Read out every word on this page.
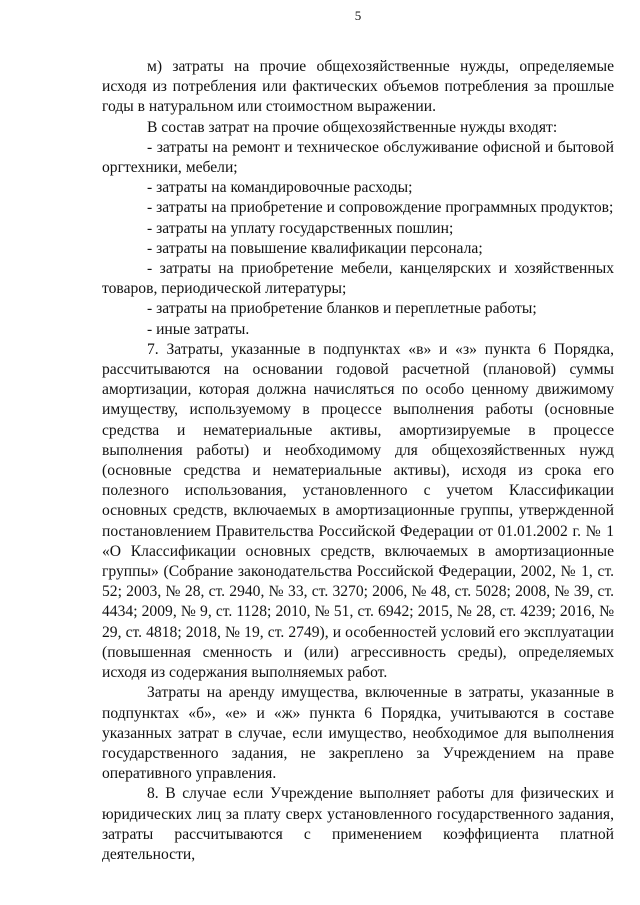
5

м) затраты на прочие общехозяйственные нужды, определяемые исходя из потребления или фактических объемов потребления за прошлые годы в натуральном или стоимостном выражении.

В состав затрат на прочие общехозяйственные нужды входят:

- затраты на ремонт и техническое обслуживание офисной и бытовой оргтехники, мебели;

- затраты на командировочные расходы;

- затраты на приобретение и сопровождение программных продуктов;

- затраты на уплату государственных пошлин;

- затраты на повышение квалификации персонала;

- затраты на приобретение мебели, канцелярских и хозяйственных товаров, периодической литературы;

- затраты на приобретение бланков и переплетные работы;

- иные затраты.

7. Затраты, указанные в подпунктах «в» и «з» пункта 6 Порядка, рассчитываются на основании годовой расчетной (плановой) суммы амортизации, которая должна начисляться по особо ценному движимому имуществу, используемому в процессе выполнения работы (основные средства и нематериальные активы, амортизируемые в процессе выполнения работы) и необходимому для общехозяйственных нужд (основные средства и нематериальные активы), исходя из срока его полезного использования, установленного с учетом Классификации основных средств, включаемых в амортизационные группы, утвержденной постановлением Правительства Российской Федерации от 01.01.2002 г. № 1 «О Классификации основных средств, включаемых в амортизационные группы» (Собрание законодательства Российской Федерации, 2002, № 1, ст. 52; 2003, № 28, ст. 2940, № 33, ст. 3270; 2006, № 48, ст. 5028; 2008, № 39, ст. 4434; 2009, № 9, ст. 1128; 2010, № 51, ст. 6942; 2015, № 28, ст. 4239; 2016, № 29, ст. 4818; 2018, № 19, ст. 2749), и особенностей условий его эксплуатации (повышенная сменность и (или) агрессивность среды), определяемых исходя из содержания выполняемых работ.

Затраты на аренду имущества, включенные в затраты, указанные в подпунктах «б», «е» и «ж» пункта 6 Порядка, учитываются в составе указанных затрат в случае, если имущество, необходимое для выполнения государственного задания, не закреплено за Учреждением на праве оперативного управления.

8. В случае если Учреждение выполняет работы для физических и юридических лиц за плату сверх установленного государственного задания, затраты рассчитываются с применением коэффициента платной деятельности,
